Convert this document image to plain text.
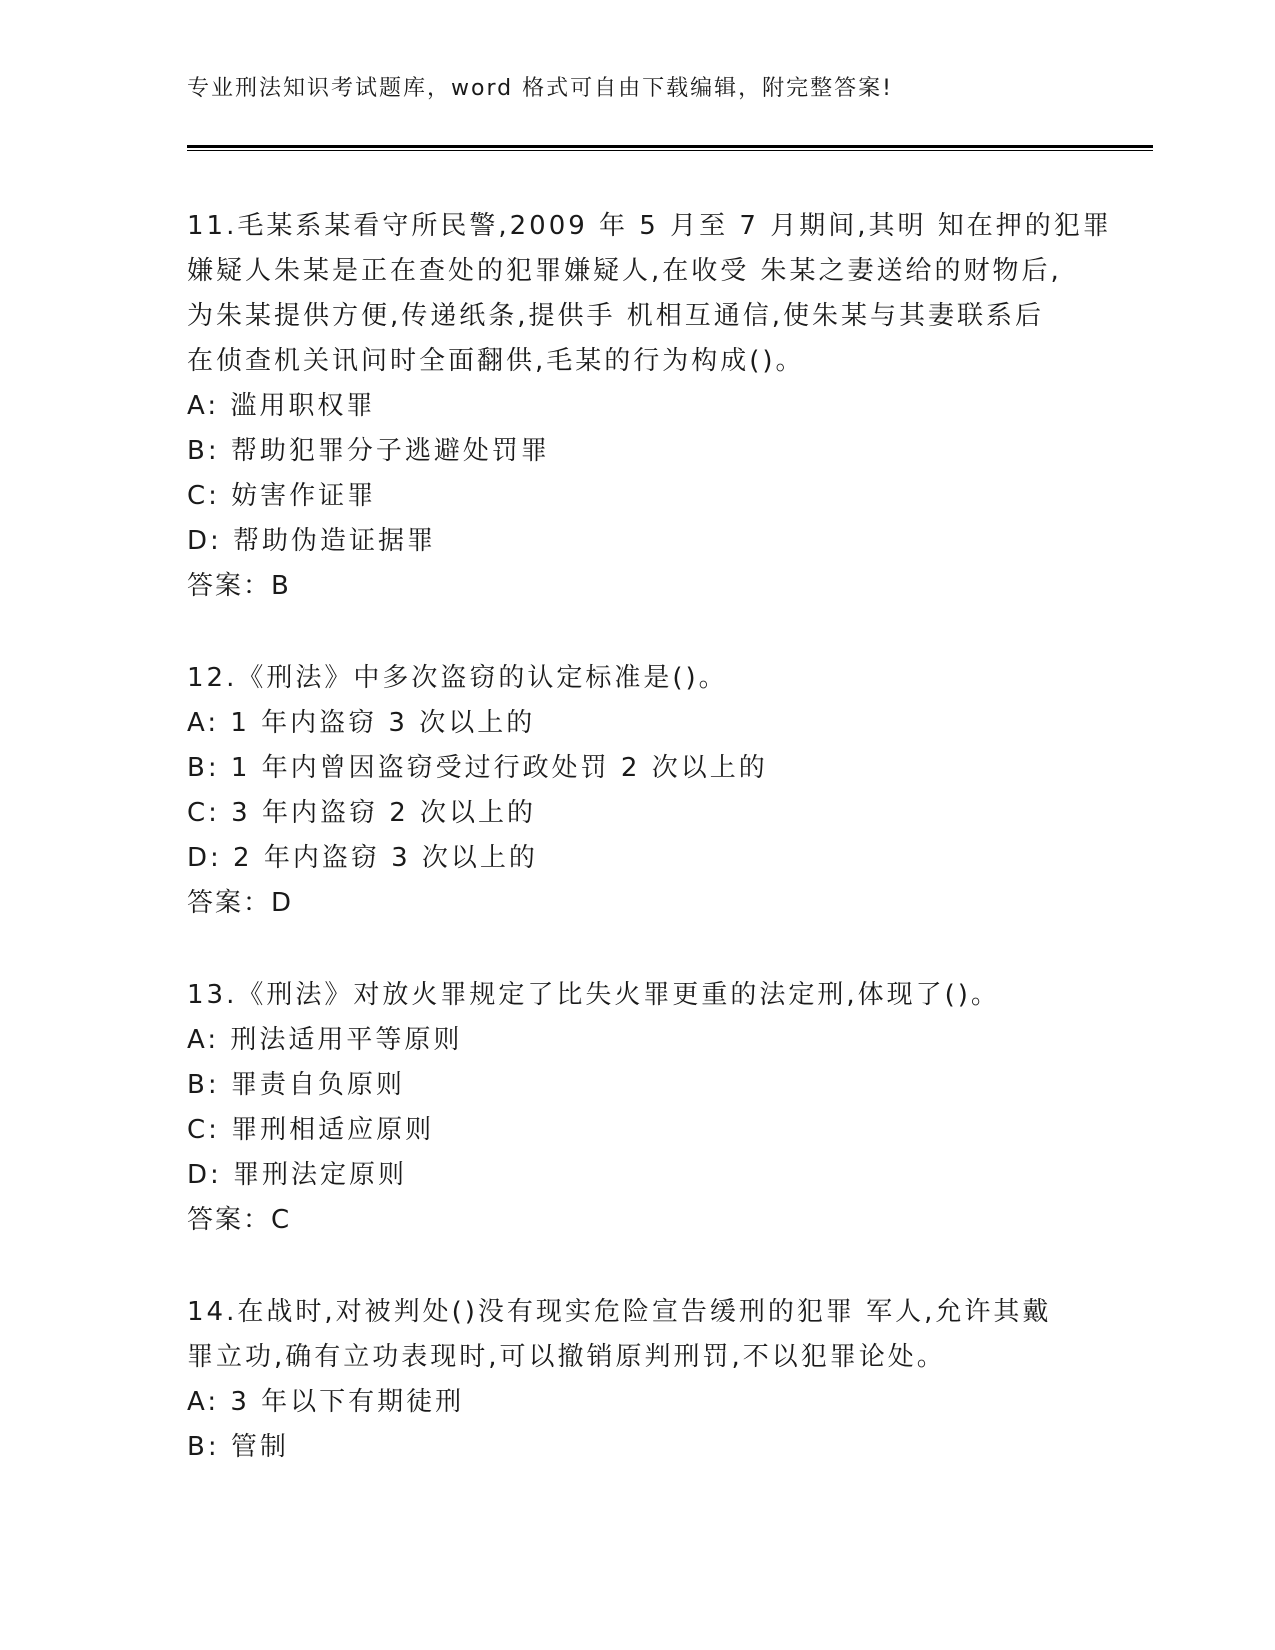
专业刑法知识考试题库，word 格式可自由下载编辑，附完整答案!
11.毛某系某看守所民警,2009 年 5 月至 7 月期间,其明 知在押的犯罪
嫌疑人朱某是正在查处的犯罪嫌疑人,在收受 朱某之妻送给的财物后,
为朱某提供方便,传递纸条,提供手 机相互通信,使朱某与其妻联系后
在侦查机关讯问时全面翻供,毛某的行为构成()。
A: 滥用职权罪
B: 帮助犯罪分子逃避处罚罪
C: 妨害作证罪
D: 帮助伪造证据罪
答案：B
12.《刑法》中多次盗窃的认定标准是()。
A: 1 年内盗窃 3 次以上的
B: 1 年内曾因盗窃受过行政处罚 2 次以上的
C: 3 年内盗窃 2 次以上的
D: 2 年内盗窃 3 次以上的
答案：D
13.《刑法》对放火罪规定了比失火罪更重的法定刑,体现了()。
A: 刑法适用平等原则
B: 罪责自负原则
C: 罪刑相适应原则
D: 罪刑法定原则
答案：C
14.在战时,对被判处()没有现实危险宣告缓刑的犯罪 军人,允许其戴
罪立功,确有立功表现时,可以撤销原判刑罚,不以犯罪论处。
A: 3 年以下有期徒刑
B: 管制
